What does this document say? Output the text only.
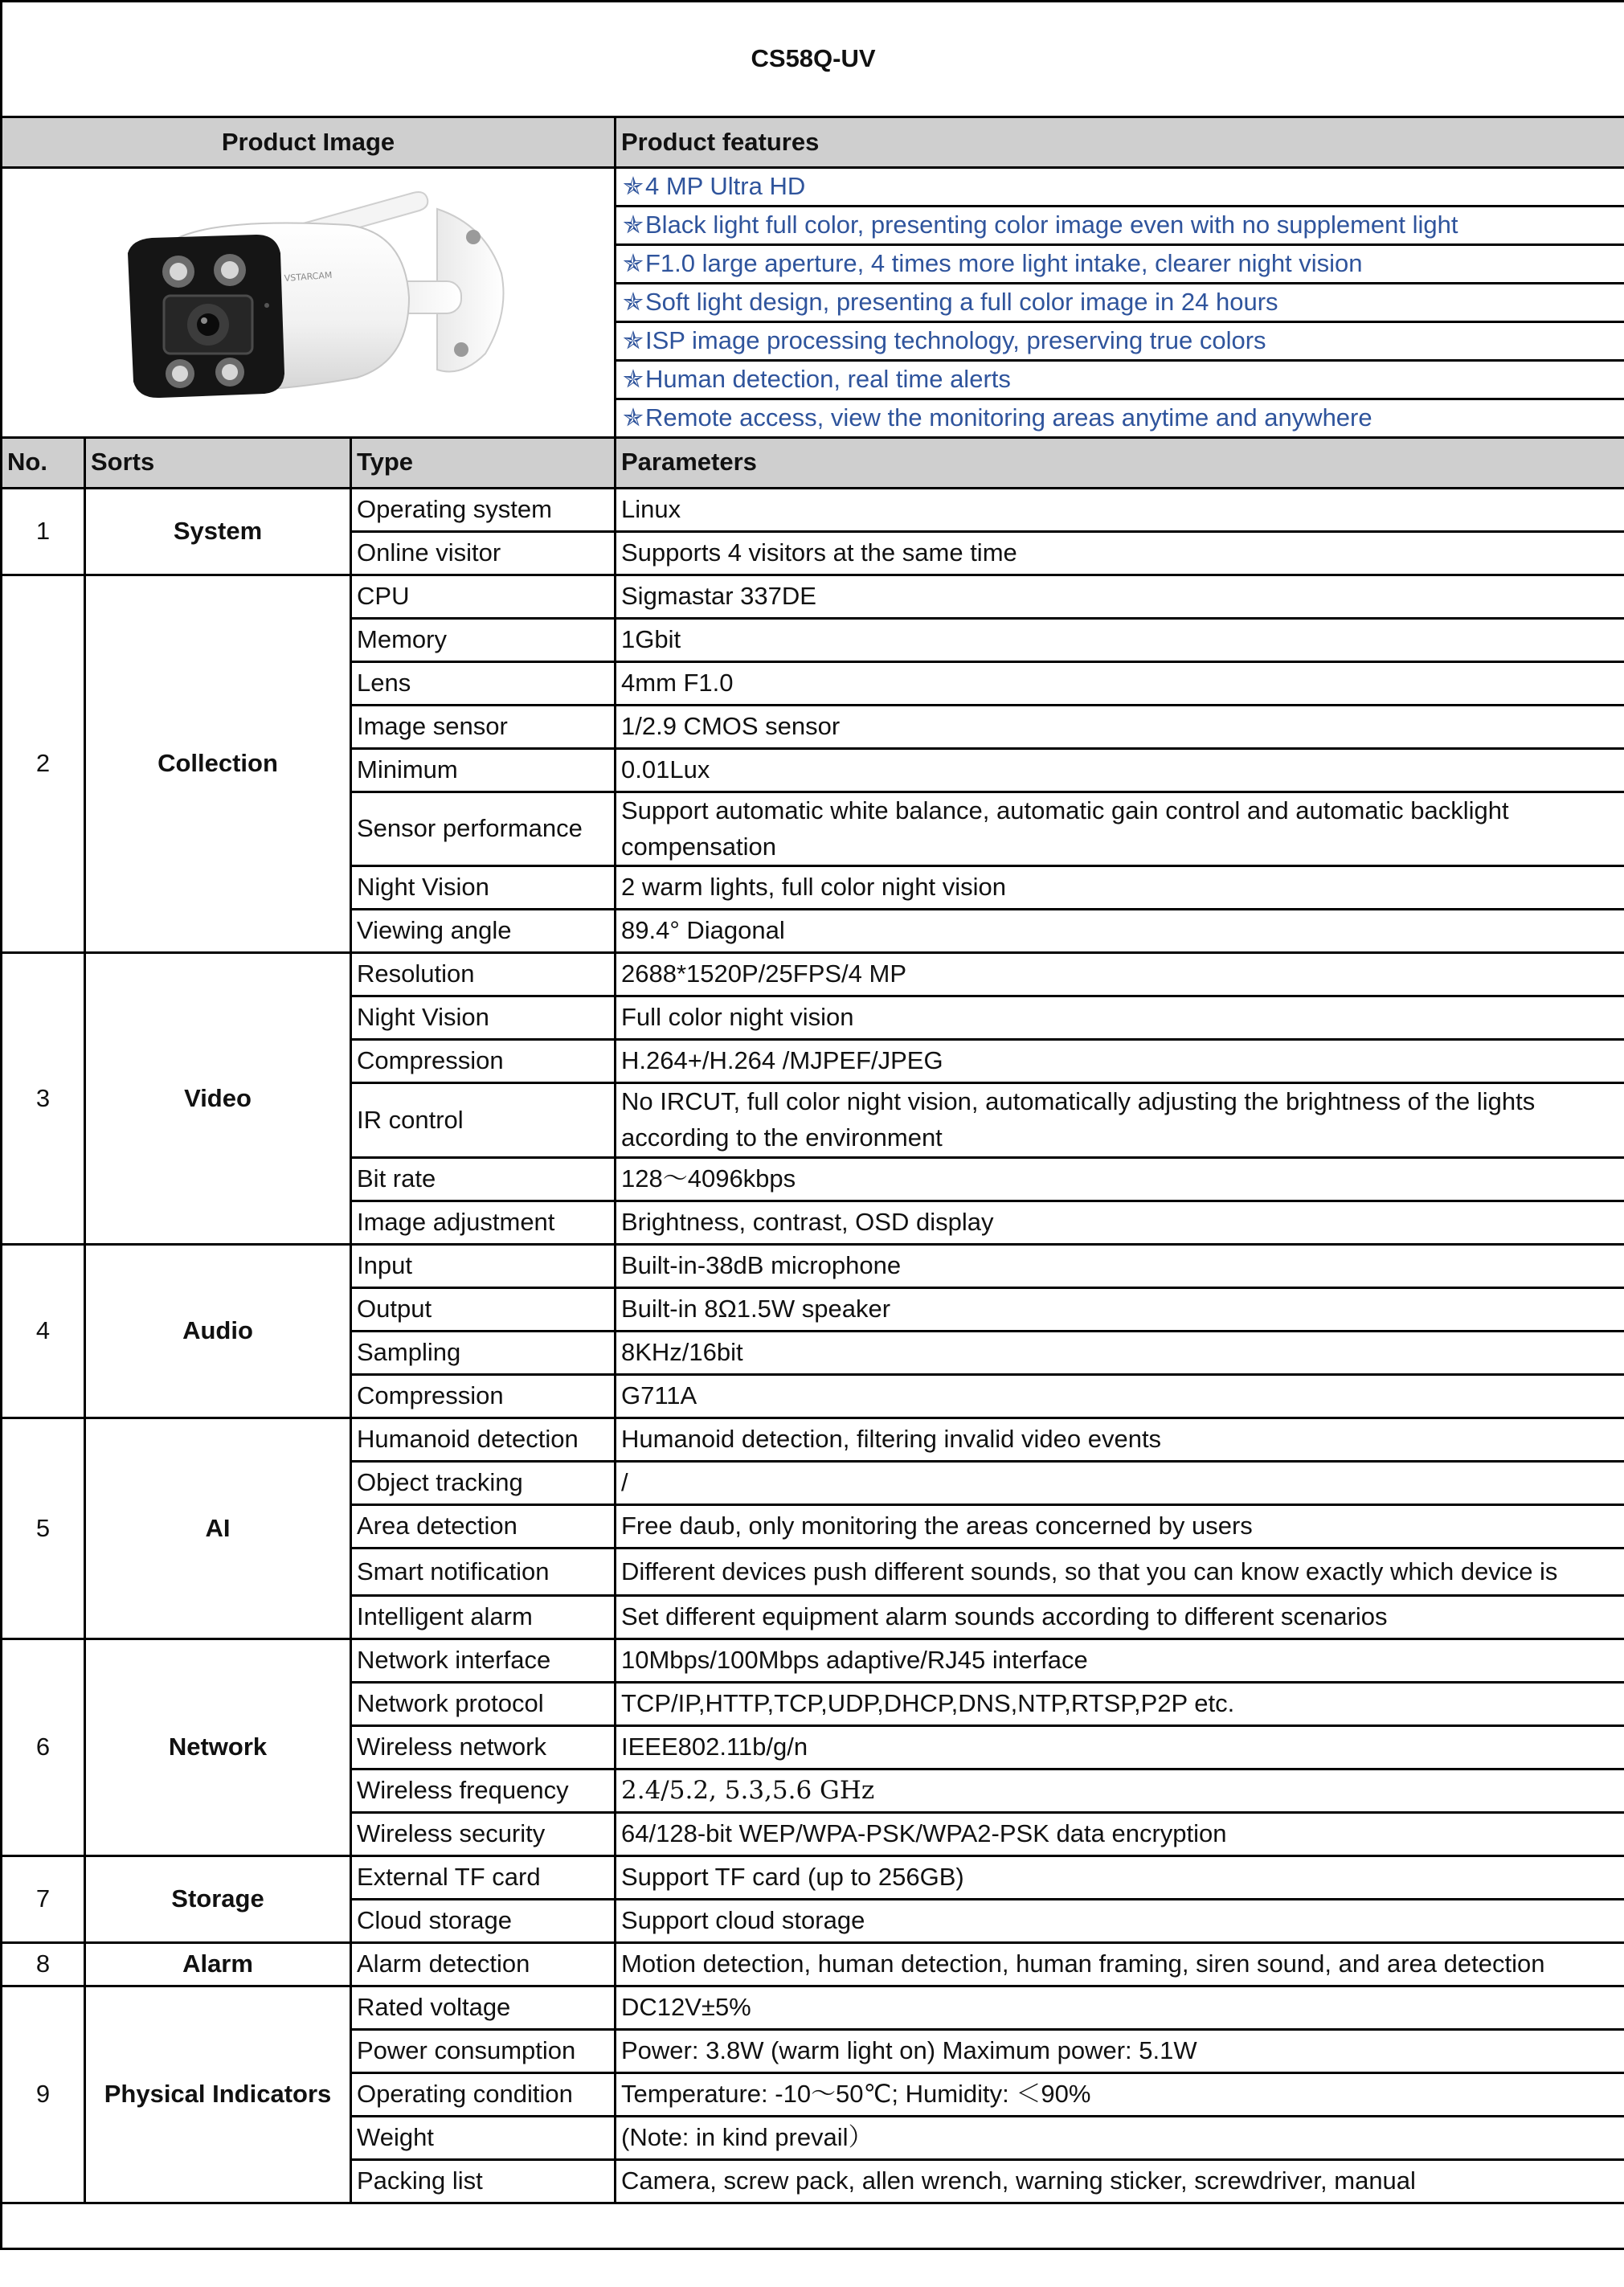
CS58Q-UV			
Product Image			Product features

VSTARCAM			✯4 MP Ultra HD
			✯Black light full color, presenting color image even with no supplement light
			✯F1.0 large aperture, 4 times more light intake, clearer night vision
			✯Soft light design, presenting a full color image in 24 hours
			✯ISP image processing technology, preserving true colors
			✯Human detection, real time alerts
			✯Remote access, view the monitoring areas anytime and anywhere
No.	Sorts	Type	Parameters
1	System	Operating system	Linux
		Online visitor	Supports 4 visitors at the same time
2	Collection	CPU	Sigmastar 337DE
		Memory	1Gbit
		Lens	4mm F1.0
		Image sensor	1/2.9 CMOS sensor
		Minimum	0.01Lux
		Sensor performance	Support automatic white balance, automatic gain control and automatic backlight compensation
		Night Vision	2 warm lights, full color night vision
		Viewing angle	89.4° Diagonal
3	Video	Resolution	2688*1520P/25FPS/4 MP
		Night Vision	Full color night vision
		Compression	H.264+/H.264 /MJPEF/JPEG
		IR control	No IRCUT, full color night vision, automatically adjusting the brightness of the lights according to the environment
		Bit rate	128～4096kbps
		Image adjustment	Brightness, contrast, OSD display
4	Audio	Input	Built-in-38dB microphone
		Output	Built-in 8Ω1.5W speaker
		Sampling	8KHz/16bit
		Compression	G711A
5	AI	Humanoid detection	Humanoid detection, filtering invalid video events
		Object tracking	/
		Area detection	Free daub, only monitoring the areas concerned by users
		Smart notification	Different devices push different sounds, so that you can know exactly which device is
		Intelligent alarm	Set different equipment alarm sounds according to different scenarios
6	Network	Network interface	10Mbps/100Mbps adaptive/RJ45 interface
		Network protocol	TCP/IP,HTTP,TCP,UDP,DHCP,DNS,NTP,RTSP,P2P etc.
		Wireless network	IEEE802.11b/g/n
		Wireless frequency	2.4/5.2, 5.3,5.6 GHz
		Wireless security	64/128-bit WEP/WPA-PSK/WPA2-PSK data encryption
7	Storage	External TF card	Support TF card (up to 256GB)
		Cloud storage	Support cloud storage
8	Alarm	Alarm detection	Motion detection, human detection, human framing, siren sound, and area detection
9	Physical Indicators	Rated voltage	DC12V±5%
		Power consumption	Power: 3.8W (warm light on) Maximum power: 5.1W
		Operating condition	Temperature: -10～50℃; Humidity: ＜90%
		Weight	(Note: in kind prevail）
		Packing list	Camera, screw pack, allen wrench, warning sticker, screwdriver, manual
